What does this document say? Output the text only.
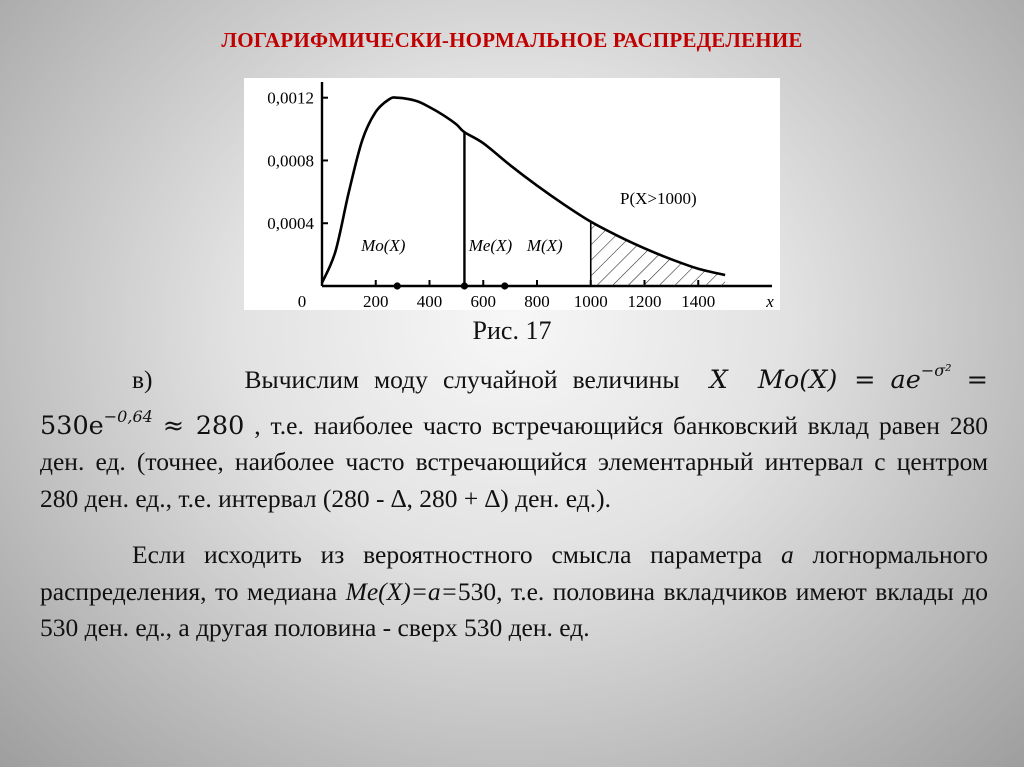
ЛОГАРИФМИЧЕСКИ-НОРМАЛЬНОЕ РАСПРЕДЕЛЕНИЕ
0,0004
0,0008
0,0012
0	200 400 600 800 1000 1200 1400	x
P(X>1000)
Mo(X)	Me(X) M(X)
Рис. 17
в)	Вычислим моду случайной величины X $Mo(X) = ae^{-\sigma^2} = 530e^{-0,64} \approx 280$ , т.е. наиболее часто встречающийся банковский вклад равен 280 ден. ед. (точнее, наиболее часто встречающийся элементарный интервал с центром 280 ден. ед., т.е. интервал (280 - ∆, 280 + ∆) ден. ед.).
Если исходить из вероятностного смысла параметра a логнормального распределения, то медиана Me(X)=a=530, т.е. половина вкладчиков имеют вклады до 530 ден. ед., а другая половина - сверх 530 ден. ед.
